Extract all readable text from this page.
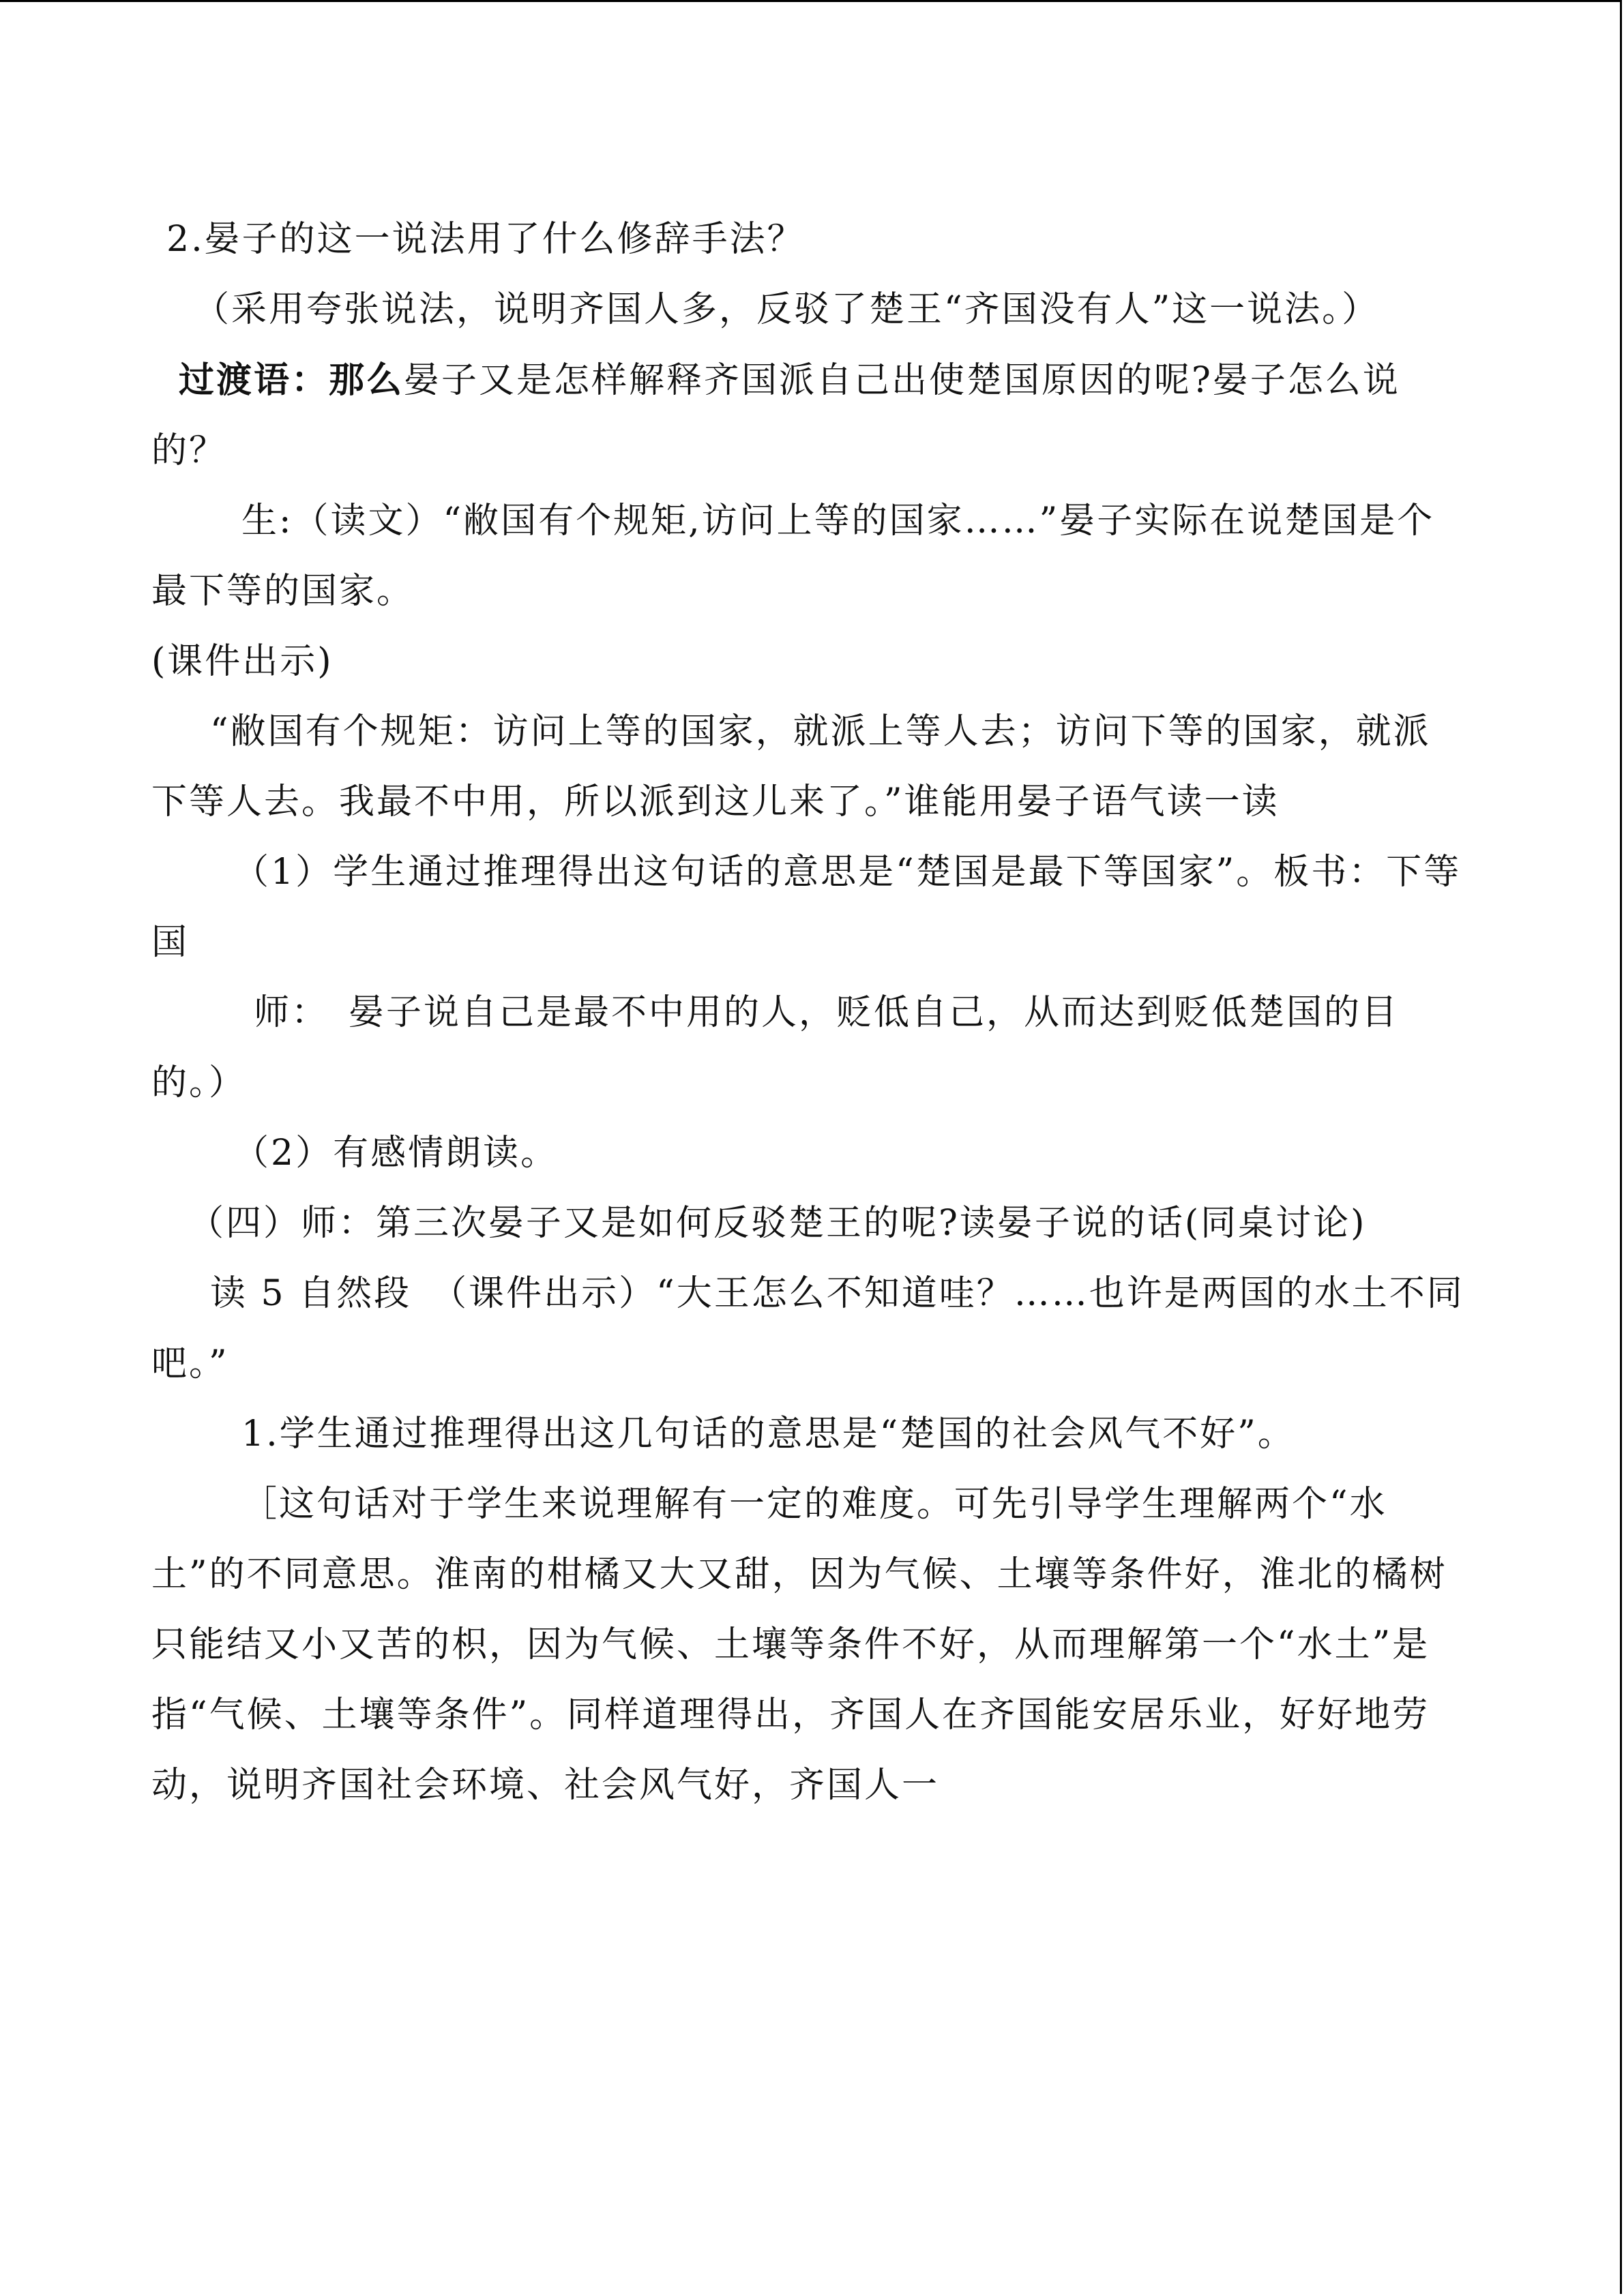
2.晏子的这一说法用了什么修辞手法？

（采用夸张说法，说明齐国人多，反驳了楚王“齐国没有人”这一说法。）

过渡语：那么晏子又是怎样解释齐国派自己出使楚国原因的呢?晏子怎么说的？

生:（读文）“敝国有个规矩,访问上等的国家……”晏子实际在说楚国是个最下等的国家。

(课件出示)

“敝国有个规矩：访问上等的国家，就派上等人去；访问下等的国家，就派下等人去。我最不中用，所以派到这儿来了。”谁能用晏子语气读一读

（1）学生通过推理得出这句话的意思是“楚国是最下等国家”。板书：下等国

师：　晏子说自己是最不中用的人，贬低自己，从而达到贬低楚国的目的。）

（2）有感情朗读。

（四）师：第三次晏子又是如何反驳楚王的呢?读晏子说的话(同桌讨论)

读 5 自然段　（课件出示）“大王怎么不知道哇？……也许是两国的水土不同吧。”

1.学生通过推理得出这几句话的意思是“楚国的社会风气不好”。

［这句话对于学生来说理解有一定的难度。可先引导学生理解两个“水土”的不同意思。淮南的柑橘又大又甜，因为气候、土壤等条件好，淮北的橘树只能结又小又苦的枳，因为气候、土壤等条件不好，从而理解第一个“水土”是指“气候、土壤等条件”。同样道理得出，齐国人在齐国能安居乐业，好好地劳动，说明齐国社会环境、社会风气好，齐国人一
